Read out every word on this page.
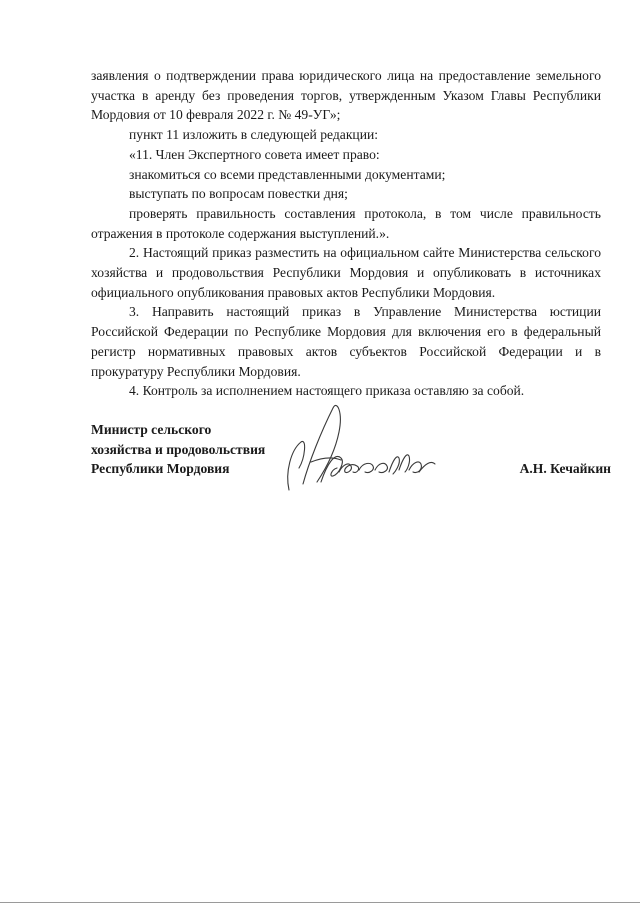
заявления о подтверждении права юридического лица на предоставление земельного участка в аренду без проведения торгов, утвержденным Указом Главы Республики Мордовия от 10 февраля 2022 г. № 49-УГ»;

пункт 11 изложить в следующей редакции:

«11. Член Экспертного совета имеет право:

знакомиться со всеми представленными документами;

выступать по вопросам повестки дня;

проверять правильность составления протокола, в том числе правильность отражения в протоколе содержания выступлений.».

2. Настоящий приказ разместить на официальном сайте Министерства сельского хозяйства и продовольствия Республики Мордовия и опубликовать в источниках официального опубликования правовых актов Республики Мордовия.

3. Направить настоящий приказ в Управление Министерства юстиции Российской Федерации по Республике Мордовия для включения его в федеральный регистр нормативных правовых актов субъектов Российской Федерации и в прокуратуру Республики Мордовия.

4. Контроль за исполнением настоящего приказа оставляю за собой.

Министр сельского
хозяйства и продовольствия
Республики Мордовия	А.Н. Кечайкин
